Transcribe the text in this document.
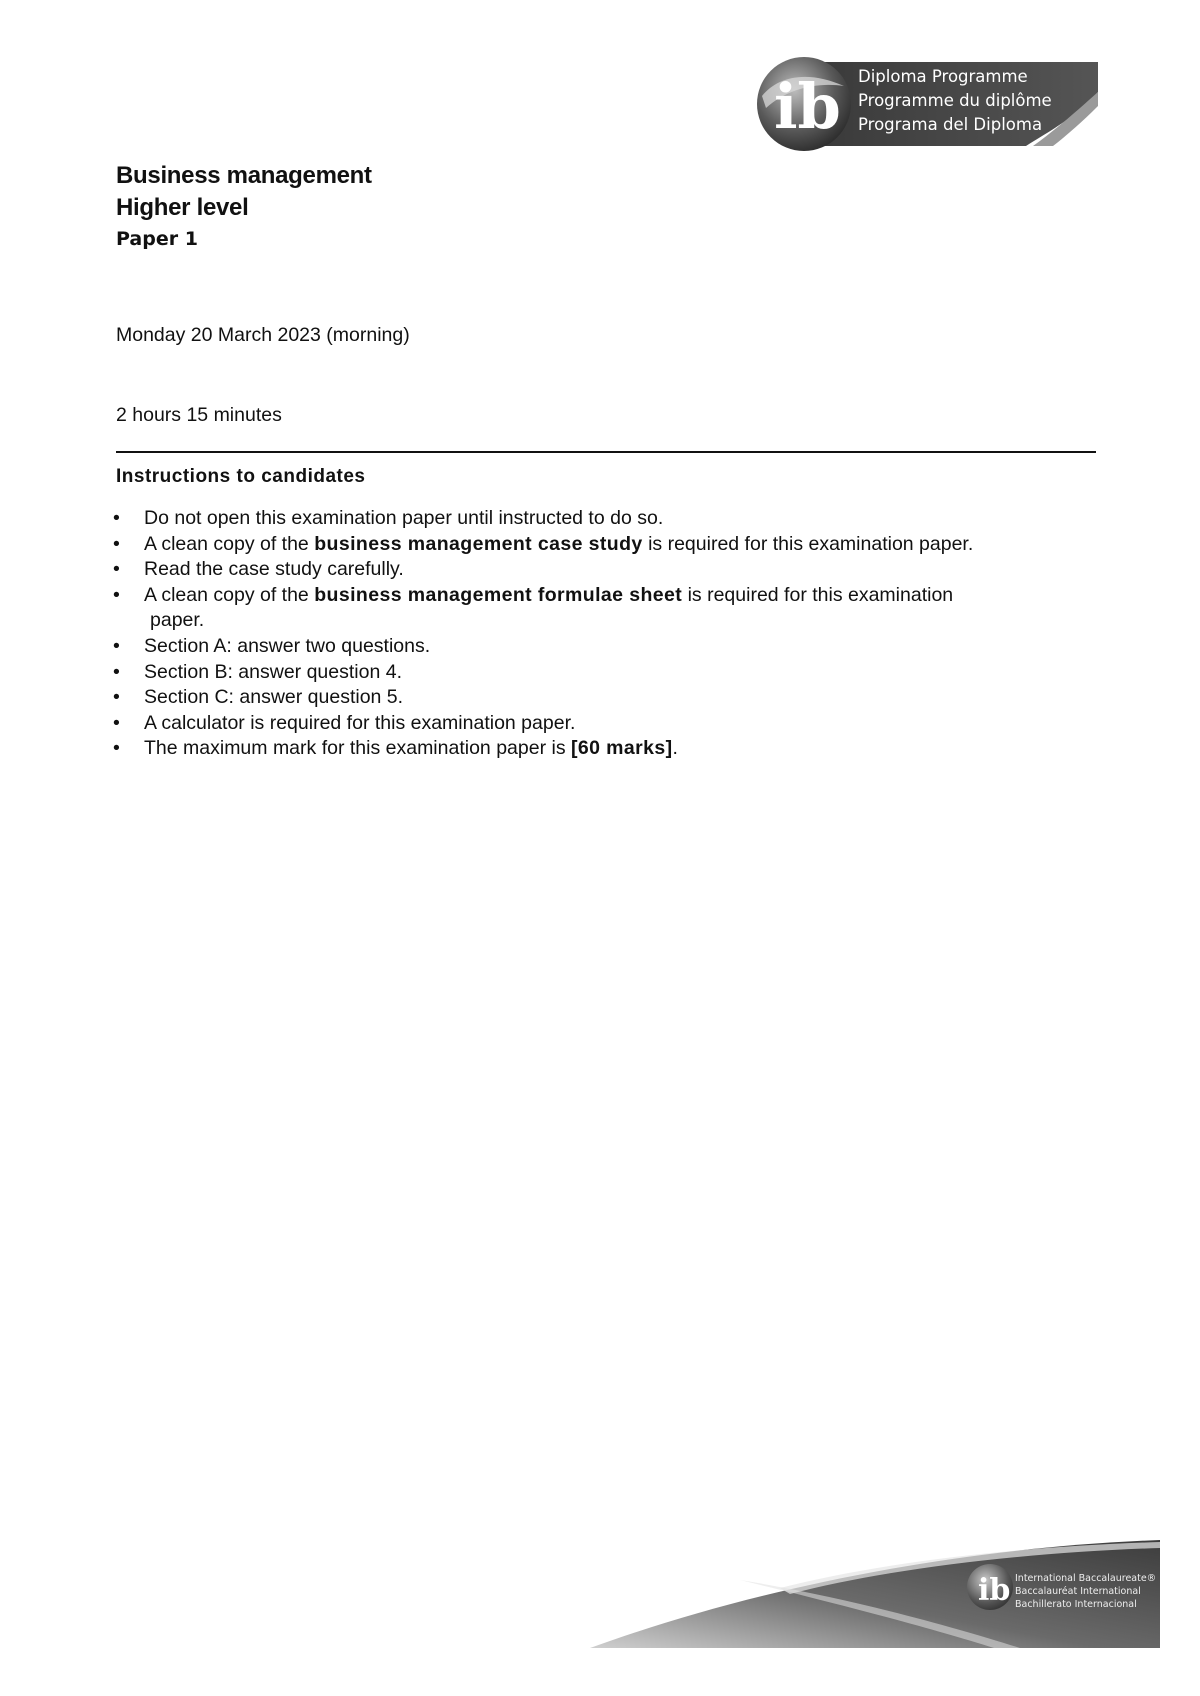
ib Diploma Programme
Programme du diplôme
Programa del Diploma
Business management
Higher level
Paper 1
Monday 20 March 2023 (morning)
2 hours 15 minutes
Instructions to candidates
• Do not open this examination paper until instructed to do so.
• A clean copy of the business management case study is required for this examination paper.
• Read the case study carefully.
• A clean copy of the business management formulae sheet is required for this examination
paper.
• Section A: answer two questions.
• Section B: answer question 4.
• Section C: answer question 5.
• A calculator is required for this examination paper.
• The maximum mark for this examination paper is [60 marks].
ib International Baccalaureate®
Baccalauréat International
Bachillerato Internacional
